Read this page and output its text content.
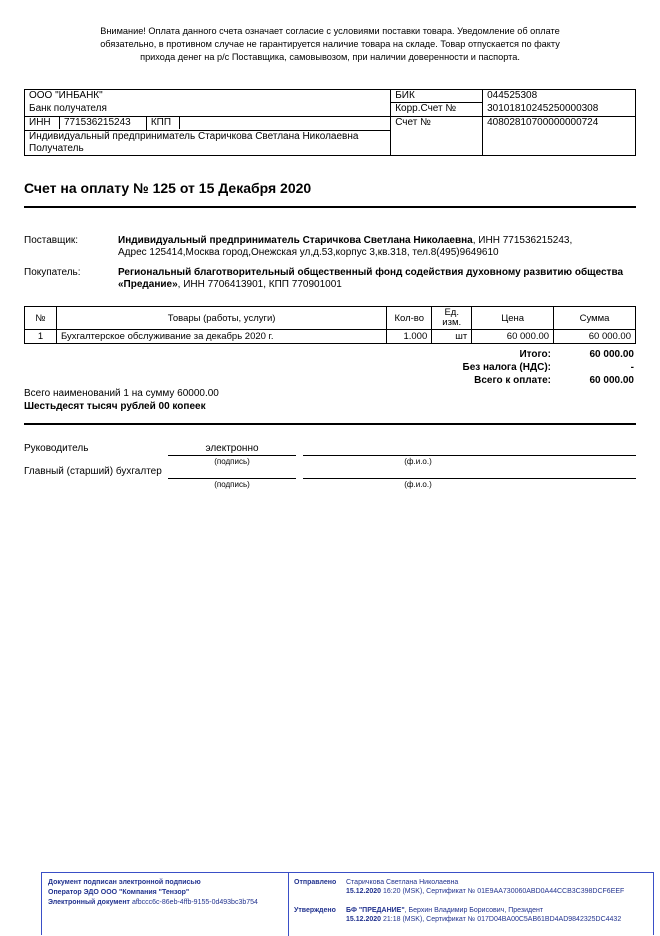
Внимание! Оплата данного счета означает согласие с условиями поставки товара. Уведомление об оплате обязательно, в противном случае не гарантируется наличие товара на складе. Товар отпускается по факту прихода денег на р/с Поставщика, самовывозом, при наличии доверенности и паспорта.
ООО "ИНБАНК"		БИК	044525308
Банк получателя		Корр.Счет №	30101810245250000308
ИНН 771536215243	КПП	Счет №	40802810700000000724

Индивидуальный предприниматель Старичкова Светлана Николаевна
Получатель			
Счет на оплату № 125 от 15 Декабря 2020
Поставщик:	Индивидуальный предприниматель Старичкова Светлана Николаевна, ИНН 771536215243,
Адрес 125414,Москва город,Онежская ул,д.53,корпус 3,кв.318, тел.8(495)9649610
Покупатель:	Региональный благотворительный общественный фонд содействия духовному развитию общества
«Предание», ИНН 7706413901, КПП 770901001
№	Товары (работы, услуги)	Кол-во	Ед. изм.	Цена	Сумма
1	Бухгалтерское обслуживание за декабрь 2020 г.	1.000	шт	60 000.00	60 000.00
Итого:	60 000.00
Без налога (НДС):	-
Всего к оплате:	60 000.00
Всего наименований 1 на сумму 60000.00
Шестьдесят тысяч рублей 00 копеек
Руководитель	электронно
(подпись)	(ф.и.о.)
Главный (старший) бухгалтер
(подпись)	(ф.и.о.)
Документ подписан электронной подписью
Оператор ЭДО ООО "Компания "Тензор"
Электронный документ afbccc6c-86eb-4ffb-9155-0d493bc3b754
Отправлено Старичкова Светлана Николаевна
15.12.2020 16:20 (MSK), Сертификат № 01E9AA730060ABD0A44CCB3C398DCF6EEF
Утверждено БФ "ПРЕДАНИЕ", Берхин Владимир Борисович, Президент
15.12.2020 21:18 (MSK), Сертификат № 017D04BA00C5AB61BD4AD9842325DC4432
